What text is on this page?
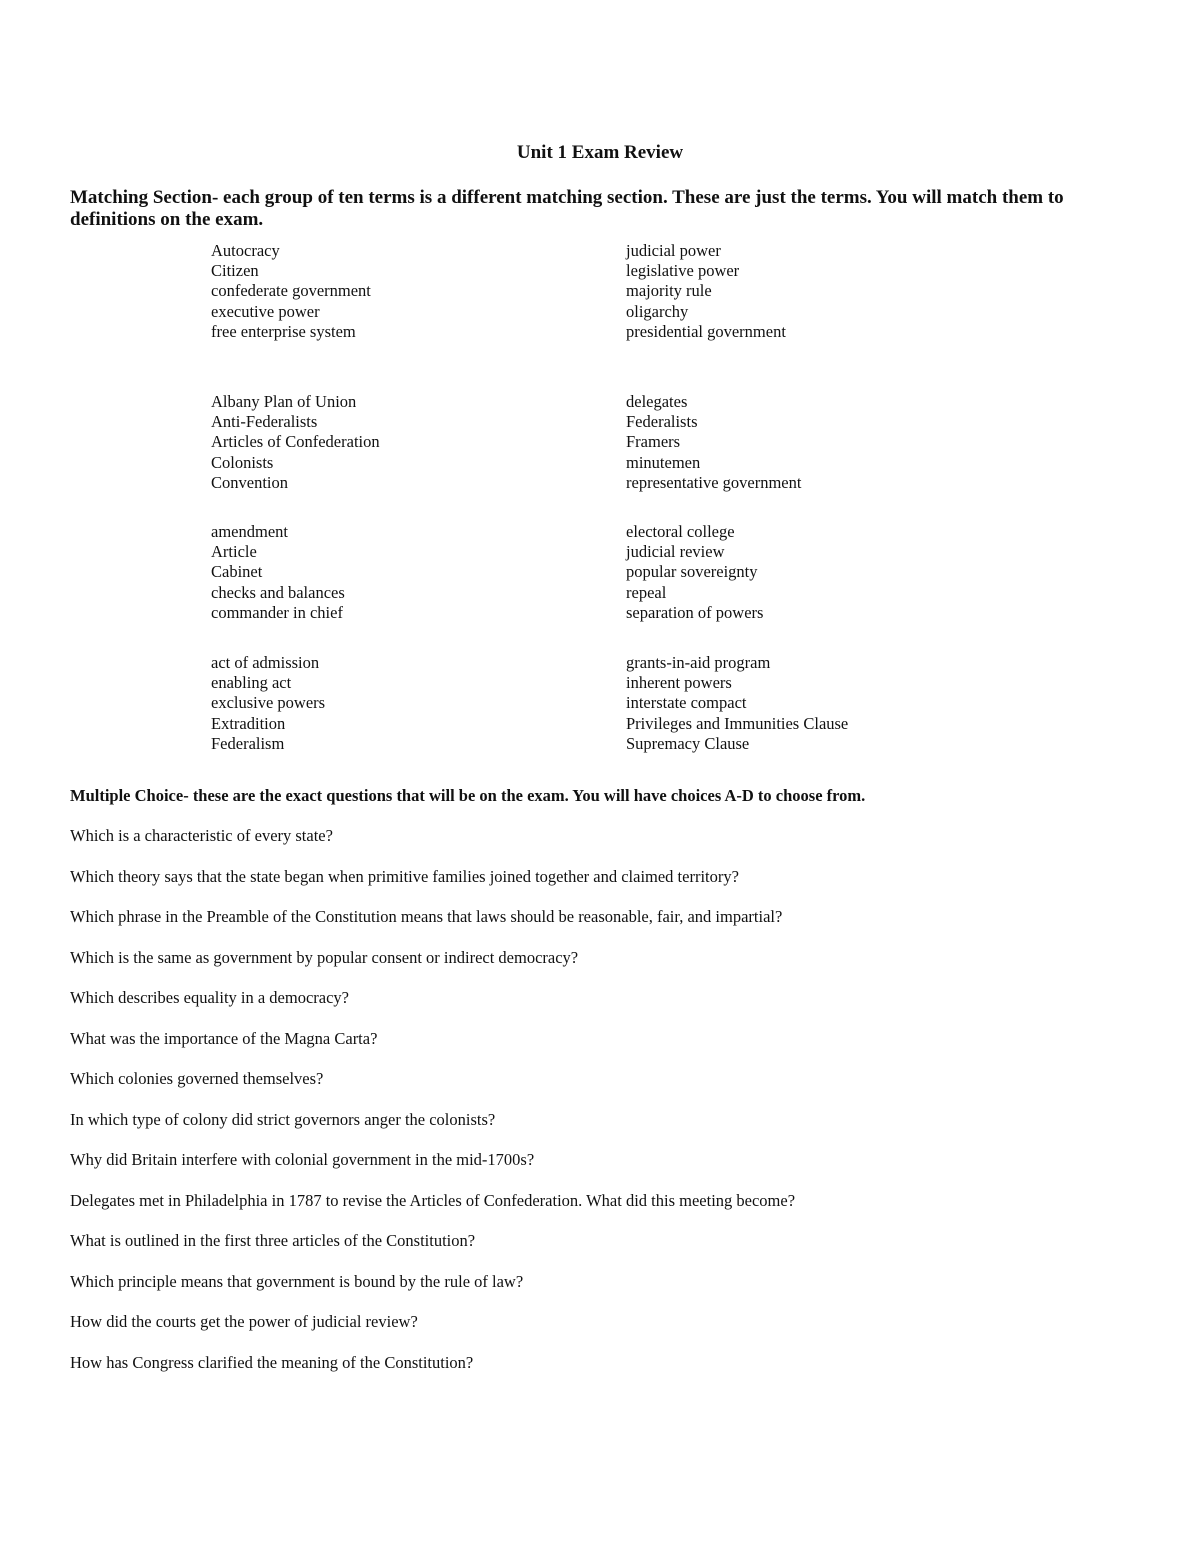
Unit 1 Exam Review
Matching Section- each group of ten terms is a different matching section. These are just the terms. You will match them to definitions on the exam.
Autocracy
Citizen
confederate government
executive power
free enterprise system
judicial power
legislative power
majority rule
oligarchy
presidential government
Albany Plan of Union
Anti-Federalists
Articles of Confederation
Colonists
Convention
delegates
Federalists
Framers
minutemen
representative government
amendment
Article
Cabinet
checks and balances
commander in chief
electoral college
judicial review
popular sovereignty
repeal
separation of powers
act of admission
enabling act
exclusive powers
Extradition
Federalism
grants-in-aid program
inherent powers
interstate compact
Privileges and Immunities Clause
Supremacy Clause
Multiple Choice- these are the exact questions that will be on the exam. You will have choices A-D to choose from.
Which is a characteristic of every state?
Which theory says that the state began when primitive families joined together and claimed territory?
Which phrase in the Preamble of the Constitution means that laws should be reasonable, fair, and impartial?
Which is the same as government by popular consent or indirect democracy?
Which describes equality in a democracy?
What was the importance of the Magna Carta?
Which colonies governed themselves?
In which type of colony did strict governors anger the colonists?
Why did Britain interfere with colonial government in the mid-1700s?
Delegates met in Philadelphia in 1787 to revise the Articles of Confederation. What did this meeting become?
What is outlined in the first three articles of the Constitution?
Which principle means that government is bound by the rule of law?
How did the courts get the power of judicial review?
How has Congress clarified the meaning of the Constitution?
